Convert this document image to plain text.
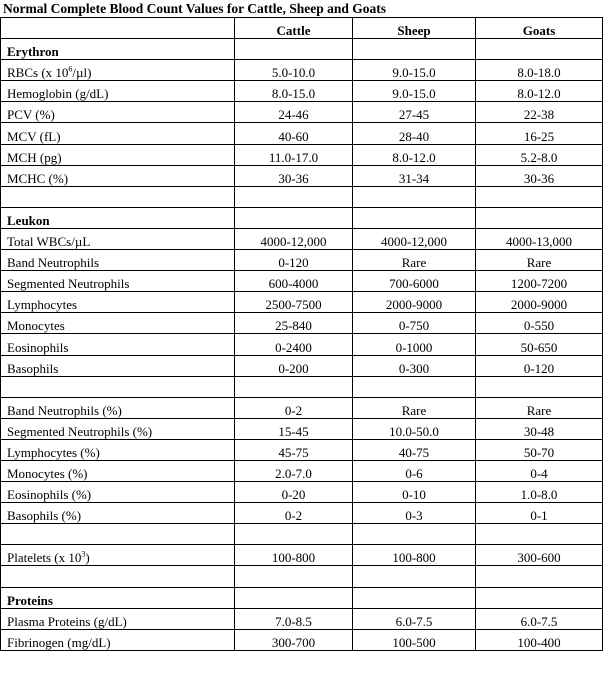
Normal Complete Blood Count Values for Cattle, Sheep and Goats
	Cattle	Sheep	Goats
Erythron			
RBCs (x $10^6/\mu l$)	5.0-10.0	9.0-15.0	8.0-18.0
Hemoglobin (g/dL)	8.0-15.0	9.0-15.0	8.0-12.0
PCV (%)	24-46	27-45	22-38
MCV (fL)	40-60	28-40	16-25
MCH (pg)	11.0-17.0	8.0-12.0	5.2-8.0
MCHC (%)	30-36	31-34	30-36

Leukon			
Total WBCs/µL	4000-12,000	4000-12,000	4000-13,000
Band Neutrophils	0-120	Rare	Rare
Segmented Neutrophils	600-4000	700-6000	1200-7200
Lymphocytes	2500-7500	2000-9000	2000-9000
Monocytes	25-840	0-750	0-550
Eosinophils	0-2400	0-1000	50-650
Basophils	0-200	0-300	0-120

Band Neutrophils (%)	0-2	Rare	Rare
Segmented Neutrophils (%)	15-45	10.0-50.0	30-48
Lymphocytes (%)	45-75	40-75	50-70
Monocytes (%)	2.0-7.0	0-6	0-4
Eosinophils (%)	0-20	0-10	1.0-8.0
Basophils (%)	0-2	0-3	0-1

Platelets (x $10^3$)	100-800	100-800	300-600

Proteins			
Plasma Proteins (g/dL)	7.0-8.5	6.0-7.5	6.0-7.5
Fibrinogen (mg/dL)	300-700	100-500	100-400
